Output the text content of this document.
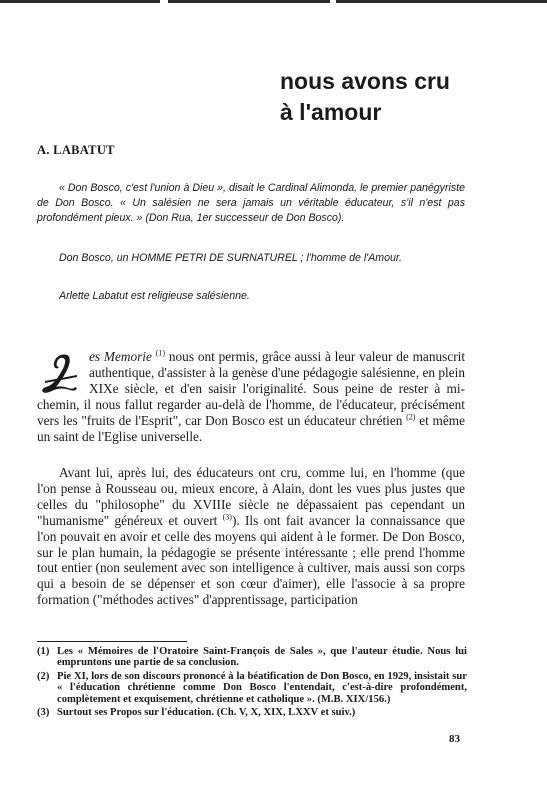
nous avons cru
à l'amour
A. LABATUT

« Don Bosco, c'est l'union à Dieu », disait le Cardinal Alimonda, le premier panégyriste de Don Bosco. « Un salésien ne sera jamais un véritable éducateur, s'il n'est pas profondément pieux. » (Don Rua, 1er successeur de Don Bosco).

Don Bosco, un HOMME PETRI DE SURNATUREL ; l'homme de l'Amour.

Arlette Labatut est religieuse salésienne.

es Memorie $^{(1)}$ nous ont permis, grâce aussi à leur valeur de manuscrit authentique, d'assister à la genèse d'une pédagogie salésienne, en plein XIXe siècle, et d'en saisir l'originalité. Sous peine de rester à mi-chemin, il nous fallut regarder au-delà de l'homme, de l'éducateur, précisément vers les "fruits de l'Esprit", car Don Bosco est un éducateur chrétien $^{(2)}$ et même un saint de l'Eglise universelle.

Avant lui, après lui, des éducateurs ont cru, comme lui, en l'homme (que l'on pense à Rousseau ou, mieux encore, à Alain, dont les vues plus justes que celles du "philosophe" du XVIIIe siècle ne dépassaient pas cependant un "humanisme" généreux et ouvert $^{(3)}$). Ils ont fait avancer la connaissance que l'on pouvait en avoir et celle des moyens qui aident à le former. De Don Bosco, sur le plan humain, la pédagogie se présente intéressante ; elle prend l'homme tout entier (non seulement avec son intelligence à cultiver, mais aussi son corps qui a besoin de se dépenser et son cœur d'aimer), elle l'associe à sa propre formation ("méthodes actives" d'apprentissage, participation

(1) Les « Mémoires de l'Oratoire Saint-François de Sales », que l'auteur étudie. Nous lui empruntons une partie de sa conclusion.
(2) Pie XI, lors de son discours prononcé à la béatification de Don Bosco, en 1929, insistait sur « l'éducation chrétienne comme Don Bosco l'entendait, c'est-à-dire profondément, complètement et exquisement, chrétienne et catholique ». (M.B. XIX/156.)
(3) Surtout ses Propos sur l'éducation. (Ch. V, X, XIX, LXXV et suiv.)
83
